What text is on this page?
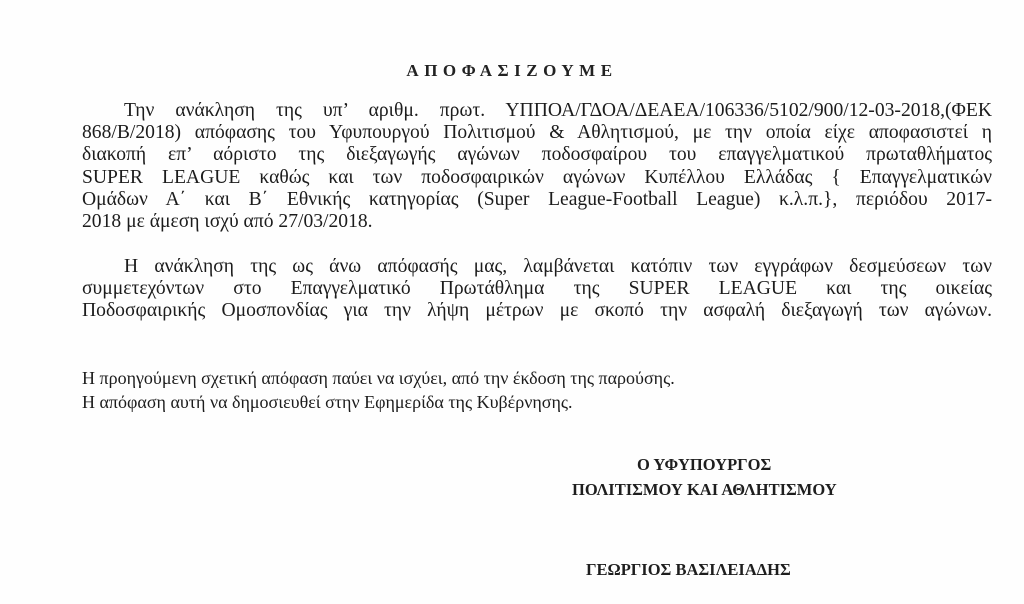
ΑΠΟΦΑΣΙΖΟΥΜΕ
Την ανάκληση της υπ’ αριθμ. πρωτ. ΥΠΠΟΑ/ΓΔΟΑ/ΔΕΑΕΑ/106336/5102/900/12-03-2018,(ΦΕΚ
868/Β/2018) απόφασης του Υφυπουργού Πολιτισμού & Αθλητισμού, με την οποία είχε αποφασιστεί η
διακοπή επ’ αόριστο της διεξαγωγής αγώνων ποδοσφαίρου του επαγγελματικού πρωταθλήματος
SUPER LEAGUE καθώς και των ποδοσφαιρικών αγώνων Κυπέλλου Ελλάδας { Επαγγελματικών
Ομάδων Α΄ και Β΄ Εθνικής κατηγορίας (Super League-Football League) κ.λ.π.}, περιόδου 2017-
2018 με άμεση ισχύ από 27/03/2018.
Η ανάκληση της ως άνω απόφασής μας, λαμβάνεται κατόπιν των εγγράφων δεσμεύσεων των
συμμετεχόντων στο Επαγγελματικό Πρωτάθλημα της SUPER LEAGUE και της οικείας
Ποδοσφαιρικής Ομοσπονδίας για την λήψη μέτρων με σκοπό την ασφαλή διεξαγωγή των αγώνων.
Η προηγούμενη σχετική απόφαση παύει να ισχύει, από την έκδοση της παρούσης.
Η απόφαση αυτή να δημοσιευθεί στην Εφημερίδα της Κυβέρνησης.
Ο ΥΦΥΠΟΥΡΓΟΣ
ΠΟΛΙΤΙΣΜΟΥ ΚΑΙ ΑΘΛΗΤΙΣΜΟΥ
ΓΕΩΡΓΙΟΣ ΒΑΣΙΛΕΙΑΔΗΣ
